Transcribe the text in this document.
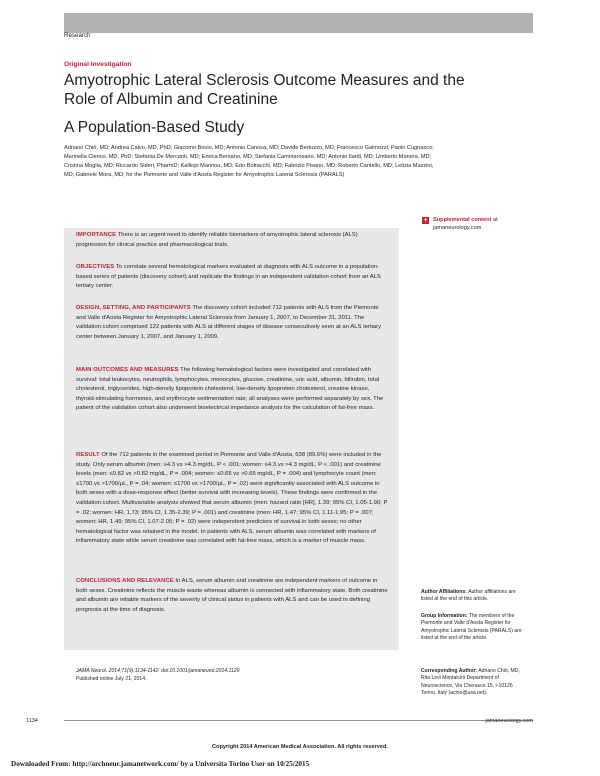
Research
Original Investigation
Amyotrophic Lateral Sclerosis Outcome Measures and the Role of Albumin and Creatinine
A Population-Based Study
Adriano Chiò, MD; Andrea Calvo, MD, PhD; Giacomo Bovio, MD; Antonio Canosa, MD; Davide Bertuzzo, MD; Francesco Galmozzi; Paolo Cugnasco; Marinella Clerico, MD, PhD; Stefania De Mercanti, MD; Enrica Bersano, MD; Stefania Cammarosano, MD; Antonio Ilardi, MD; Umberto Manera, MD; Cristina Moglia, MD; Riccardo Sideri, PharmD; Kalliopi Marinou, MD; Edo Bottacchi, MD; Fabrizio Pisano, MD; Roberto Cantello, MD; Letizia Mazzini, MD; Gabriele Mora, MD; for the Piemonte and Valle d'Aosta Register for Amyotrophic Lateral Sclerosis (PARALS)
IMPORTANCE There is an urgent need to identify reliable biomarkers of amyotrophic lateral sclerosis (ALS) progression for clinical practice and pharmacological trials.
OBJECTIVES To correlate several hematological markers evaluated at diagnosis with ALS outcome in a population-based series of patients (discovery cohort) and replicate the findings in an independent validation cohort from an ALS tertiary center.
DESIGN, SETTING, AND PARTICIPANTS The discovery cohort included 712 patients with ALS from the Piemonte and Valle d'Aosta Register for Amyotrophic Lateral Sclerosis from January 1, 2007, to December 31, 2011. The validation cohort comprised 122 patients with ALS at different stages of disease consecutively seen at an ALS tertiary center between January 1, 2007, and January 1, 2009.
MAIN OUTCOMES AND MEASURES The following hematological factors were investigated and correlated with survival: total leukocytes, neutrophils, lymphocytes, monocytes, glucose, creatinine, uric acid, albumin, bilirubin, total cholesterol, triglycerides, high-density lipoprotein cholesterol, low-density lipoprotein cholesterol, creatine kinase, thyroid-stimulating hormones, and erythrocyte sedimentation rate; all analyses were performed separately by sex. The patient of the validation cohort also underwent bioelectrical impedance analysis for the calculation of fat-free mass.
RESULT Of the 712 patients in the examined period in Piemonte and Valle d'Aosta, 638 (89.6%) were included in the study. Only serum albumin (men: ≤4.3 vs >4.3 mg/dL, P < .001; women: ≤4.3 vs >4.3 mg/dL, P < .001) and creatinine levels (men: ≤0.82 vs >0.82 mg/dL, P = .004; women: ≤0.65 vs >0.65 mg/dL, P = .004) and lymphocyte count (men: ≤1700 vs >1700/μL, P = .04; women: ≤1700 vs >1700/μL, P = .02) were significantly associated with ALS outcome in both sexes with a dose-response effect (better survival with increasing levels). These findings were confirmed in the validation cohort. Multivariable analysis showed that serum albumin (men: hazard ratio [HR], 1.39; 95% CI, 1.05-1.90; P = .02; women: HR, 1.73; 95% CI, 1.35-2.39; P = .001) and creatinine (men: HR, 1.47; 95% CI, 1.11-1.95; P = .007; women: HR, 1.49; 95% CI, 1.07-2.05; P = .02) were independent predictors of survival in both sexes; no other hematological factor was retained in the model. In patients with ALS, serum albumin was correlated with markers of inflammatory state while serum creatinine was correlated with fat-free mass, which is a marker of muscle mass.
CONCLUSIONS AND RELEVANCE In ALS, serum albumin and creatinine are independent markers of outcome in both sexes. Creatinine reflects the muscle waste whereas albumin is connected with inflammatory state. Both creatinine and albumin are reliable markers of the severity of clinical status in patients with ALS and can be used in defining prognosis at the time of diagnosis.
JAMA Neurol. 2014;71(9):1134-1142. doi:10.1001/jamaneurol.2014.1129
Published online July 21, 2014.
+ Supplemental content at jamaneurology.com
Author Affiliations: Author affiliations are listed at the end of this article.
Group Information: The members of the Piemonte and Valle d'Aosta Register for Amyotrophic Lateral Sclerosis (PARALS) are listed at the end of the article.
Corresponding Author: Adriano Chiò, MD, Rita Levi Montalcini Department of Neuroscience, Via Cherasco 15, I-10126 Torino, Italy (achio@usa.net).
1134	jamaneurology.com
Copyright 2014 American Medical Association. All rights reserved.
Downloaded From: http://archneur.jamanetwork.com/ by a Universita Torino User on 10/25/2015
